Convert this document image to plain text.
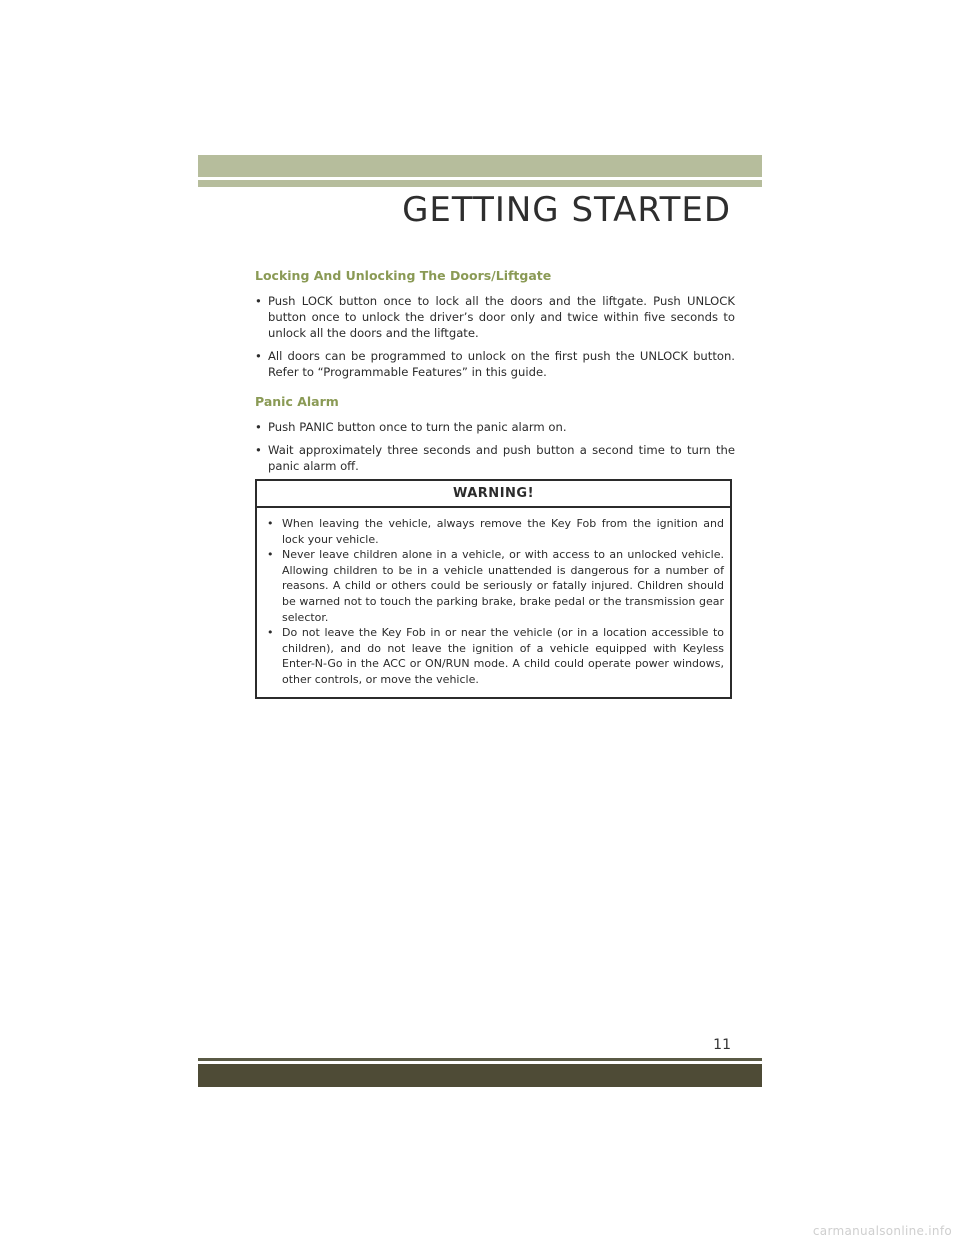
GETTING STARTED
Locking And Unlocking The Doors/Liftgate
• Push LOCK button once to lock all the doors and the liftgate. Push UNLOCK button once to unlock the driver’s door only and twice within five seconds to unlock all the doors and the liftgate.
• All doors can be programmed to unlock on the first push the UNLOCK button. Refer to “Programmable Features” in this guide.
Panic Alarm
• Push PANIC button once to turn the panic alarm on.
• Wait approximately three seconds and push button a second time to turn the panic alarm off.
WARNING!
• When leaving the vehicle, always remove the Key Fob from the ignition and lock your vehicle.
• Never leave children alone in a vehicle, or with access to an unlocked vehicle. Allowing children to be in a vehicle unattended is dangerous for a number of reasons. A child or others could be seriously or fatally injured. Children should be warned not to touch the parking brake, brake pedal or the transmission gear selector.
• Do not leave the Key Fob in or near the vehicle (or in a location accessible to children), and do not leave the ignition of a vehicle equipped with Keyless Enter-N-Go in the ACC or ON/RUN mode. A child could operate power windows, other controls, or move the vehicle.
11
carmanualsonline.info
